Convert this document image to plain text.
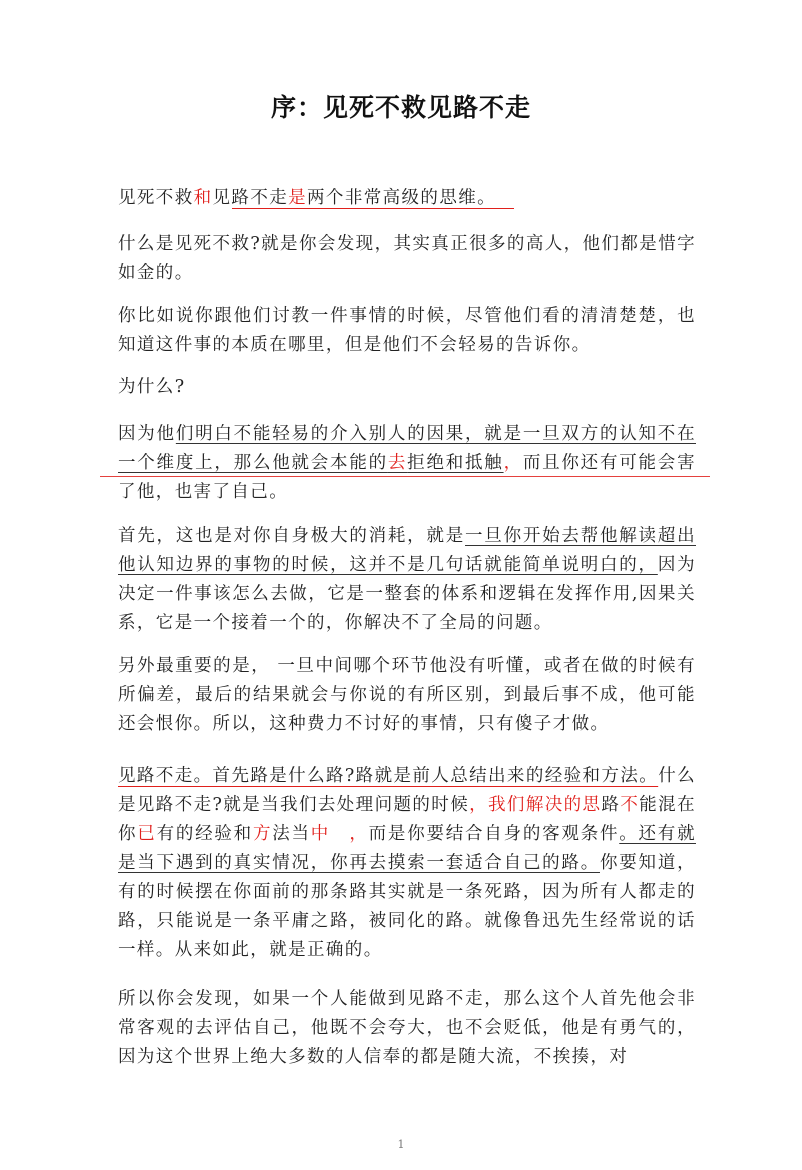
序：见死不救见路不走
见死不救和见路不走是两个非常高级的思维。
什么是见死不救?就是你会发现，其实真正很多的高人，他们都是惜字如金的。
你比如说你跟他们讨教一件事情的时候，尽管他们看的清清楚楚，也知道这件事的本质在哪里，但是他们不会轻易的告诉你。
为什么?
因为他们明白不能轻易的介入别人的因果，就是一旦双方的认知不在一个维度上，那么他就会本能的去拒绝和抵触，而且你还有可能会害了他，也害了自己。
首先，这也是对你自身极大的消耗，就是一旦你开始去帮他解读超出他认知边界的事物的时候，这并不是几句话就能简单说明白的，因为决定一件事该怎么去做，它是一整套的体系和逻辑在发挥作用,因果关系，它是一个接着一个的，你解决不了全局的问题。
另外最重要的是， 一旦中间哪个环节他没有听懂，或者在做的时候有所偏差，最后的结果就会与你说的有所区别，到最后事不成，他可能还会恨你。所以，这种费力不讨好的事情，只有傻子才做。
见路不走。首先路是什么路?路就是前人总结出来的经验和方法。什么是见路不走?就是当我们去处理问题的时候，我们解决的思路不能混在你已有的经验和方法当中　，而是你要结合自身的客观条件。还有就是当下遇到的真实情况，你再去摸索一套适合自己的路。你要知道，有的时候摆在你面前的那条路其实就是一条死路，因为所有人都走的路，只能说是一条平庸之路，被同化的路。就像鲁迅先生经常说的话一样。从来如此，就是正确的。
所以你会发现，如果一个人能做到见路不走，那么这个人首先他会非常客观的去评估自己，他既不会夸大，也不会贬低，他是有勇气的，因为这个世界上绝大多数的人信奉的都是随大流，不挨揍，对
1
